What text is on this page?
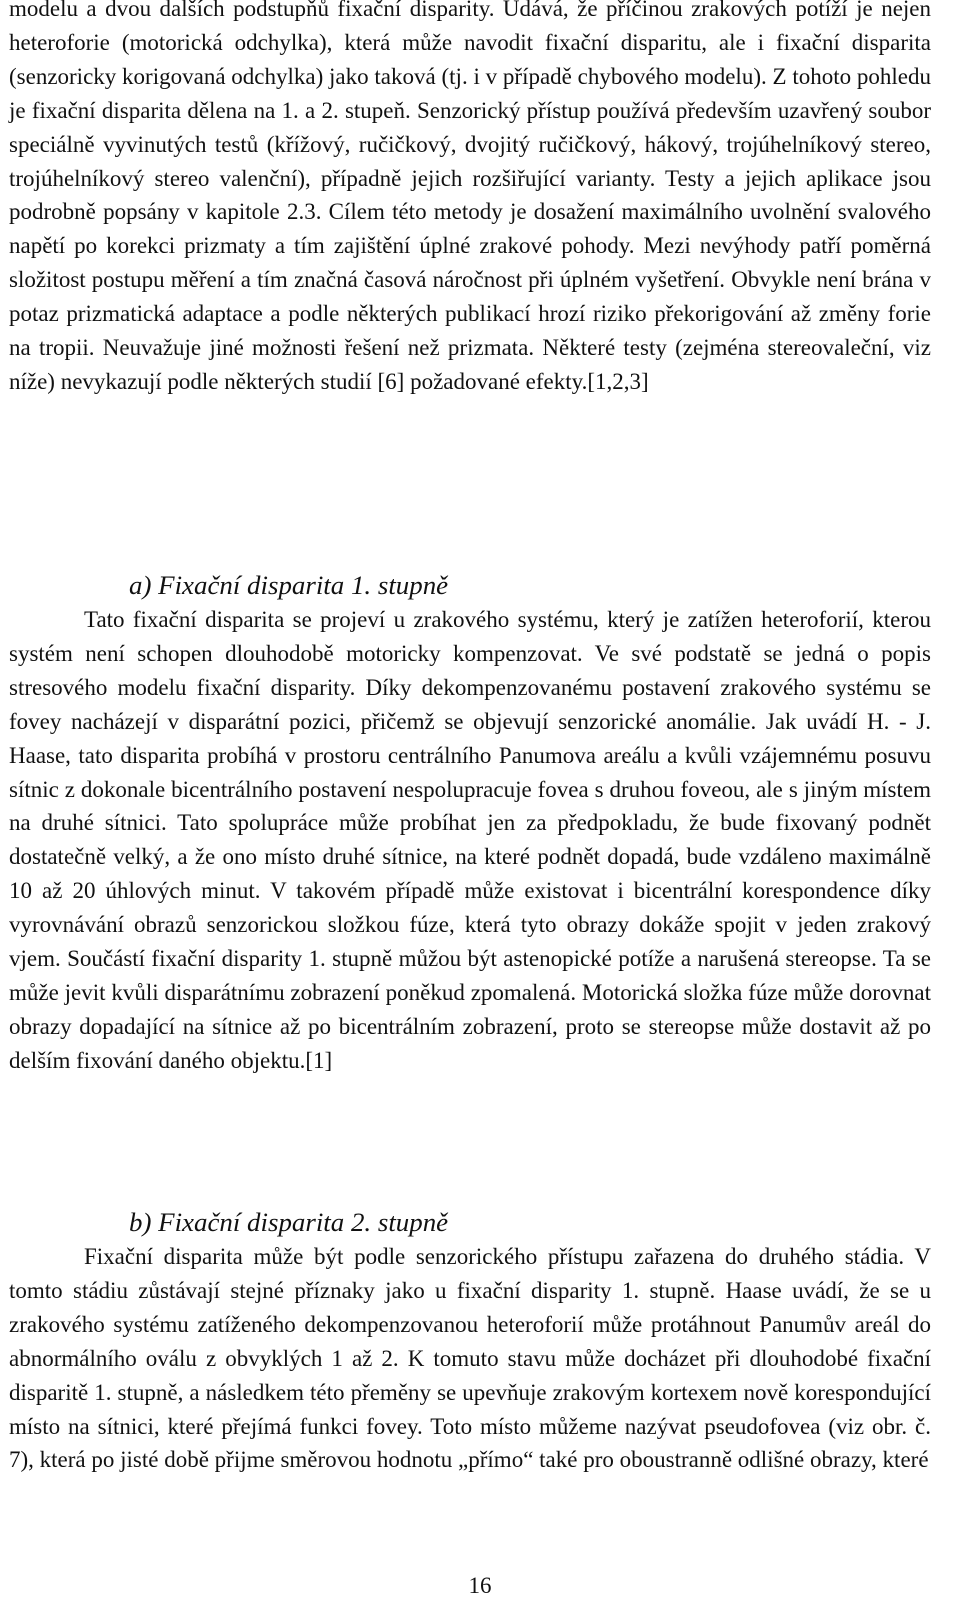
modelu a dvou dalších podstupňů fixační disparity. Udává, že příčinou zrakových potíží je nejen heteroforie (motorická odchylka), která může navodit fixační disparitu, ale i fixační disparita (senzoricky korigovaná odchylka) jako taková (tj. i v případě chybového modelu). Z tohoto pohledu je fixační disparita dělena na 1. a 2. stupeň. Senzorický přístup používá především uzavřený soubor speciálně vyvinutých testů (křížový, ručičkový, dvojitý ručičkový, hákový, trojúhelníkový stereo, trojúhelníkový stereo valenční), případně jejich rozšiřující varianty. Testy a jejich aplikace jsou podrobně popsány v kapitole 2.3. Cílem této metody je dosažení maximálního uvolnění svalového napětí po korekci prizmaty a tím zajištění úplné zrakové pohody. Mezi nevýhody patří poměrná složitost postupu měření a tím značná časová náročnost při úplném vyšetření. Obvykle není brána v potaz prizmatická adaptace a podle některých publikací hrozí riziko překorigování až změny forie na tropii. Neuvažuje jiné možnosti řešení než prizmata. Některé testy (zejména stereovaleční, viz níže) nevykazují podle některých studií [6] požadované efekty.[1,2,3]

a) Fixační disparita 1. stupně

Tato fixační disparita se projeví u zrakového systému, který je zatížen heteroforií, kterou systém není schopen dlouhodobě motoricky kompenzovat. Ve své podstatě se jedná o popis stresového modelu fixační disparity. Díky dekompenzovanému postavení zrakového systému se fovey nacházejí v disparátní pozici, přičemž se objevují senzorické anomálie. Jak uvádí H. - J. Haase, tato disparita probíhá v prostoru centrálního Panumova areálu a kvůli vzájemnému posuvu sítnic z dokonale bicentrálního postavení nespolupracuje fovea s druhou foveou, ale s jiným místem na druhé sítnici. Tato spolupráce může probíhat jen za předpokladu, že bude fixovaný podnět dostatečně velký, a že ono místo druhé sítnice, na které podnět dopadá, bude vzdáleno maximálně 10 až 20 úhlových minut. V takovém případě může existovat i bicentrální korespondence díky vyrovnávání obrazů senzorickou složkou fúze, která tyto obrazy dokáže spojit v jeden zrakový vjem. Součástí fixační disparity 1. stupně můžou být astenopické potíže a narušená stereopse. Ta se může jevit kvůli disparátnímu zobrazení poněkud zpomalená. Motorická složka fúze může dorovnat obrazy dopadající na sítnice až po bicentrálním zobrazení, proto se stereopse může dostavit až po delším fixování daného objektu.[1]

b) Fixační disparita 2. stupně

Fixační disparita může být podle senzorického přístupu zařazena do druhého stádia. V tomto stádiu zůstávají stejné příznaky jako u fixační disparity 1. stupně. Haase uvádí, že se u zrakového systému zatíženého dekompenzovanou heteroforií může protáhnout Panumův areál do abnormálního oválu z obvyklých 1 až 2. K tomuto stavu může docházet při dlouhodobé fixační disparitě 1. stupně, a následkem této přeměny se upevňuje zrakovým kortexem nově korespondující místo na sítnici, které přejímá funkci fovey. Toto místo můžeme nazývat pseudofovea (viz obr. č. 7), která po jisté době přijme směrovou hodnotu „přímo“ také pro oboustranně odlišné obrazy, které

16
